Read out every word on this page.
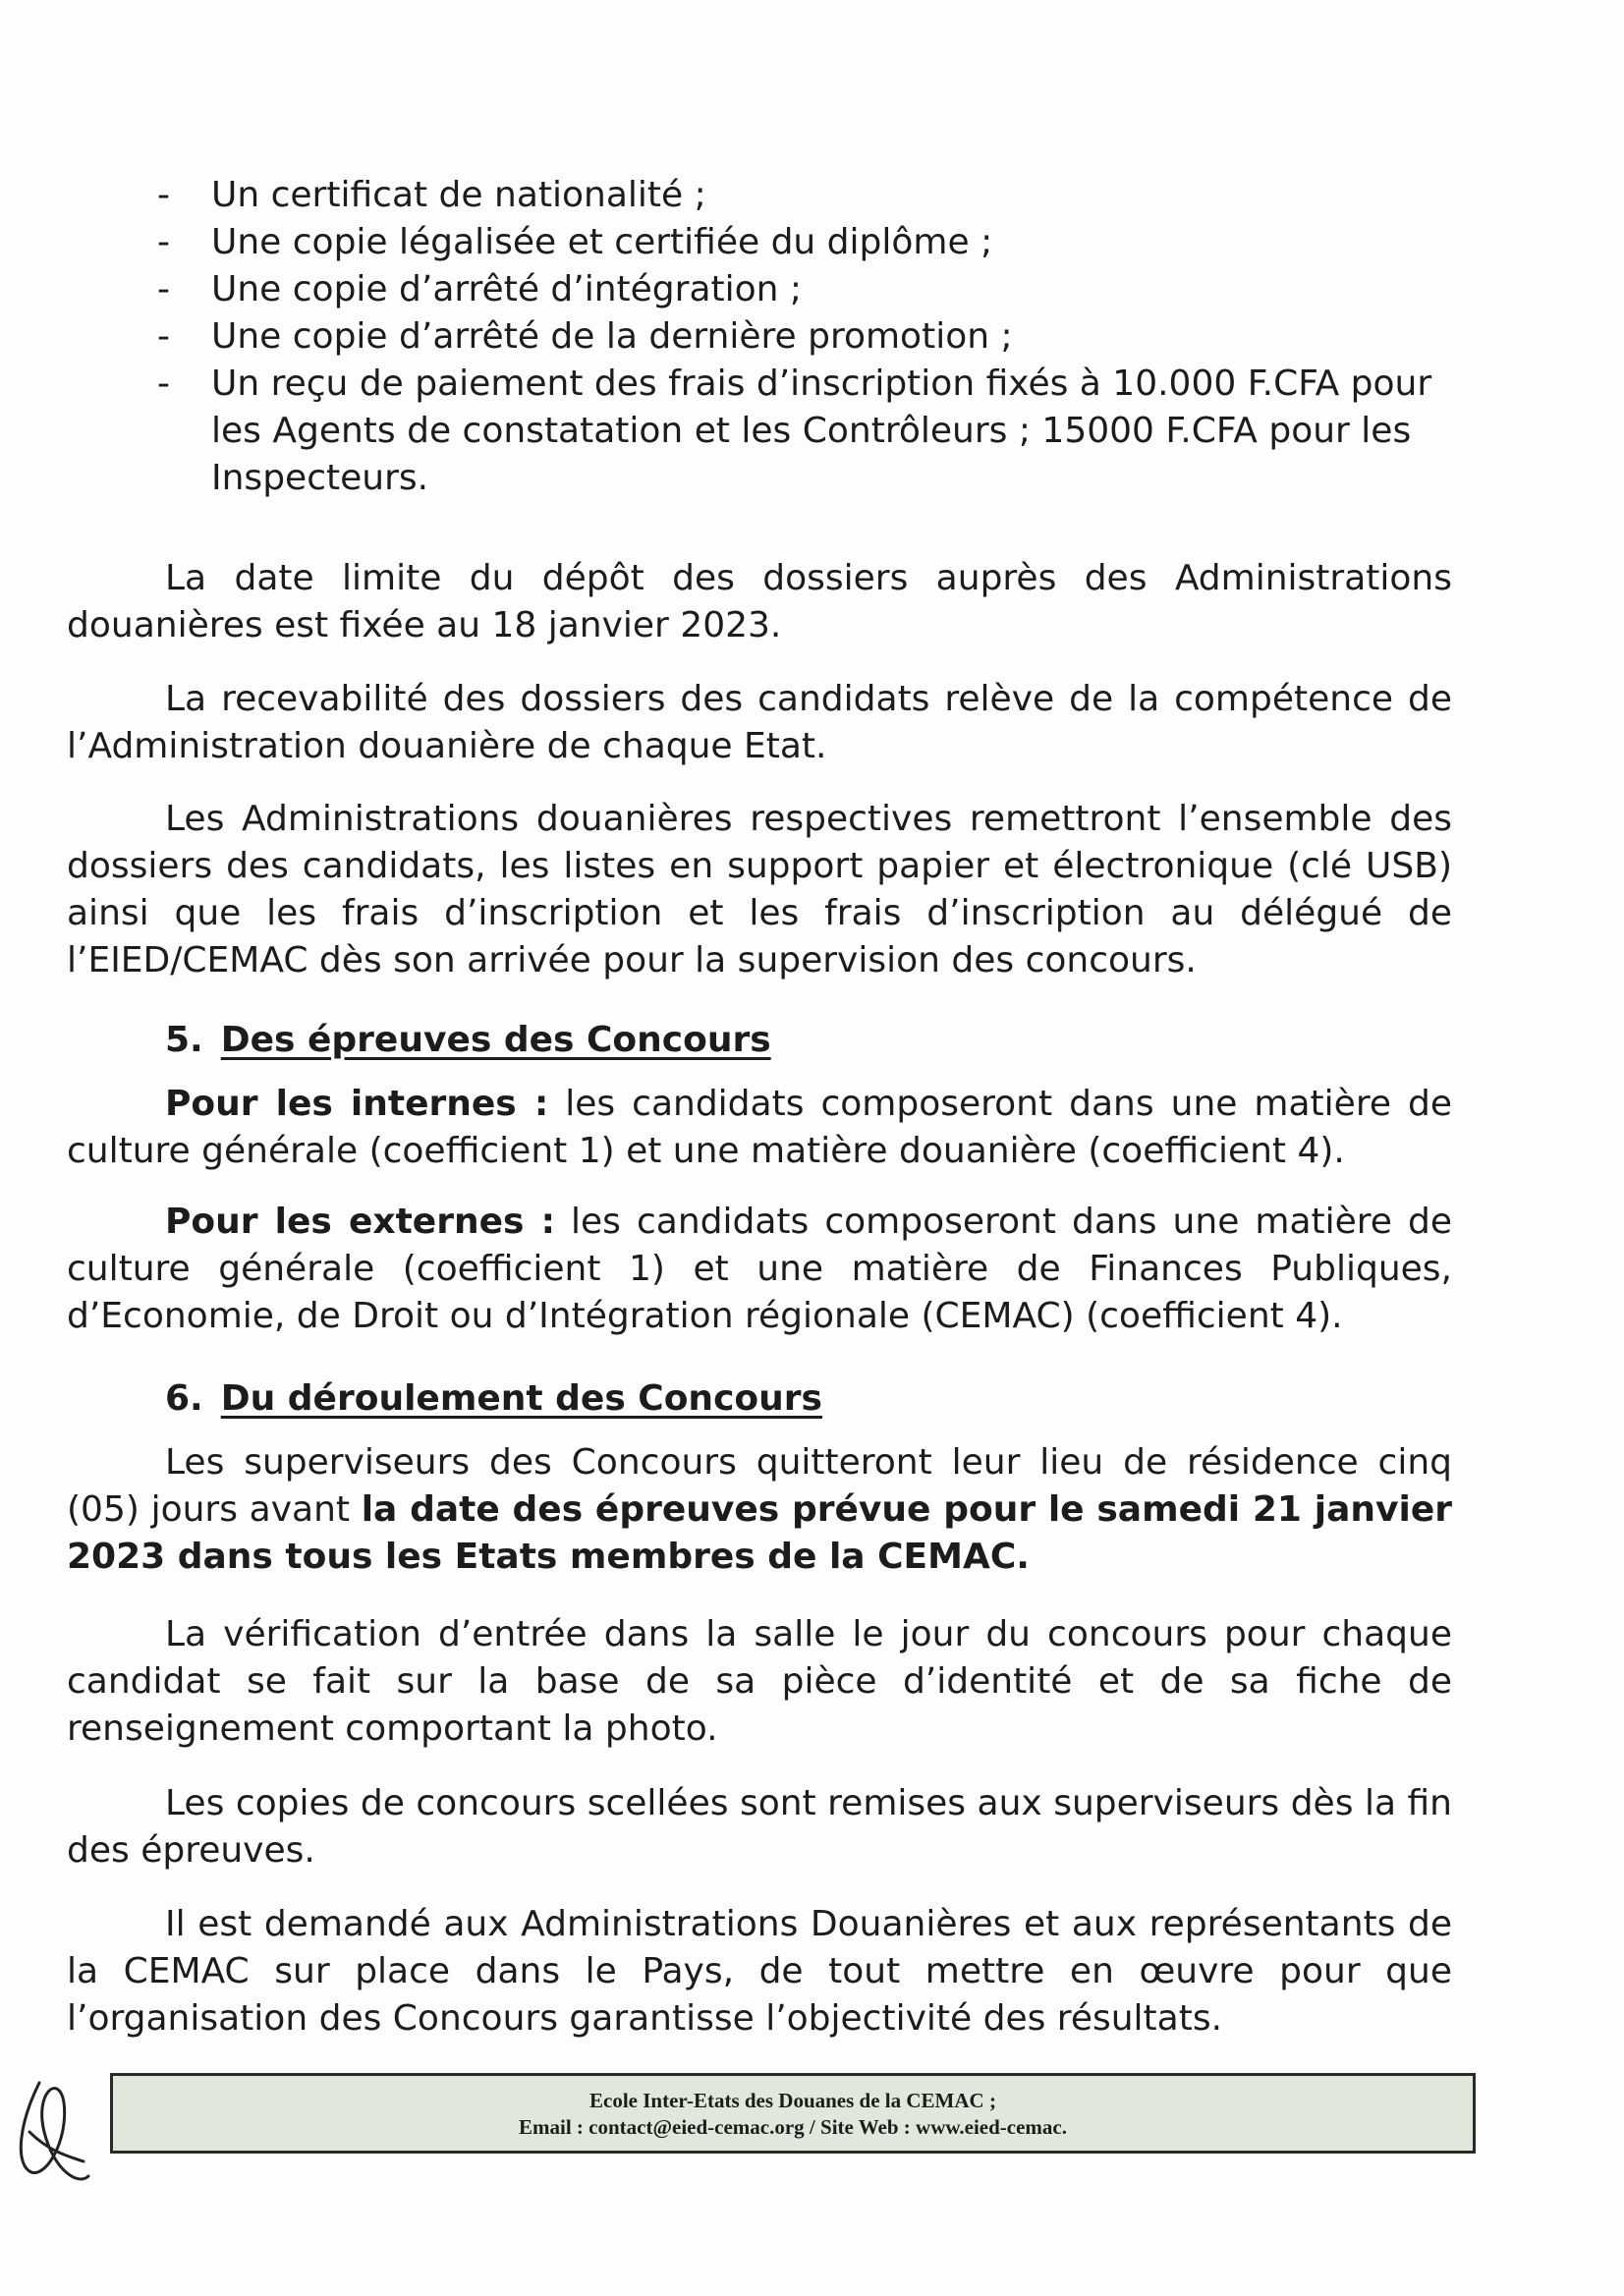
- Un certificat de nationalité ;
- Une copie légalisée et certifiée du diplôme ;
- Une copie d’arrêté d’intégration ;
- Une copie d’arrêté de la dernière promotion ;
- Un reçu de paiement des frais d’inscription fixés à 10.000 F.CFA pour les Agents de constatation et les Contrôleurs ; 15000 F.CFA pour les Inspecteurs.

La date limite du dépôt des dossiers auprès des Administrations douanières est fixée au 18 janvier 2023.

La recevabilité des dossiers des candidats relève de la compétence de l’Administration douanière de chaque Etat.

Les Administrations douanières respectives remettront l’ensemble des dossiers des candidats, les listes en support papier et électronique (clé USB) ainsi que les frais d’inscription et les frais d’inscription au délégué de l’EIED/CEMAC dès son arrivée pour la supervision des concours.

5. Des épreuves des Concours

Pour les internes : les candidats composeront dans une matière de culture générale (coefficient 1) et une matière douanière (coefficient 4).

Pour les externes : les candidats composeront dans une matière de culture générale (coefficient 1) et une matière de Finances Publiques, d’Economie, de Droit ou d’Intégration régionale (CEMAC) (coefficient 4).

6. Du déroulement des Concours

Les superviseurs des Concours quitteront leur lieu de résidence cinq (05) jours avant la date des épreuves prévue pour le samedi 21 janvier 2023 dans tous les Etats membres de la CEMAC.

La vérification d’entrée dans la salle le jour du concours pour chaque candidat se fait sur la base de sa pièce d’identité et de sa fiche de renseignement comportant la photo.

Les copies de concours scellées sont remises aux superviseurs dès la fin des épreuves.

Il est demandé aux Administrations Douanières et aux représentants de la CEMAC sur place dans le Pays, de tout mettre en œuvre pour que l’organisation des Concours garantisse l’objectivité des résultats.

Ecole Inter-Etats des Douanes de la CEMAC ;
Email : contact@eied-cemac.org / Site Web : www.eied-cemac.
